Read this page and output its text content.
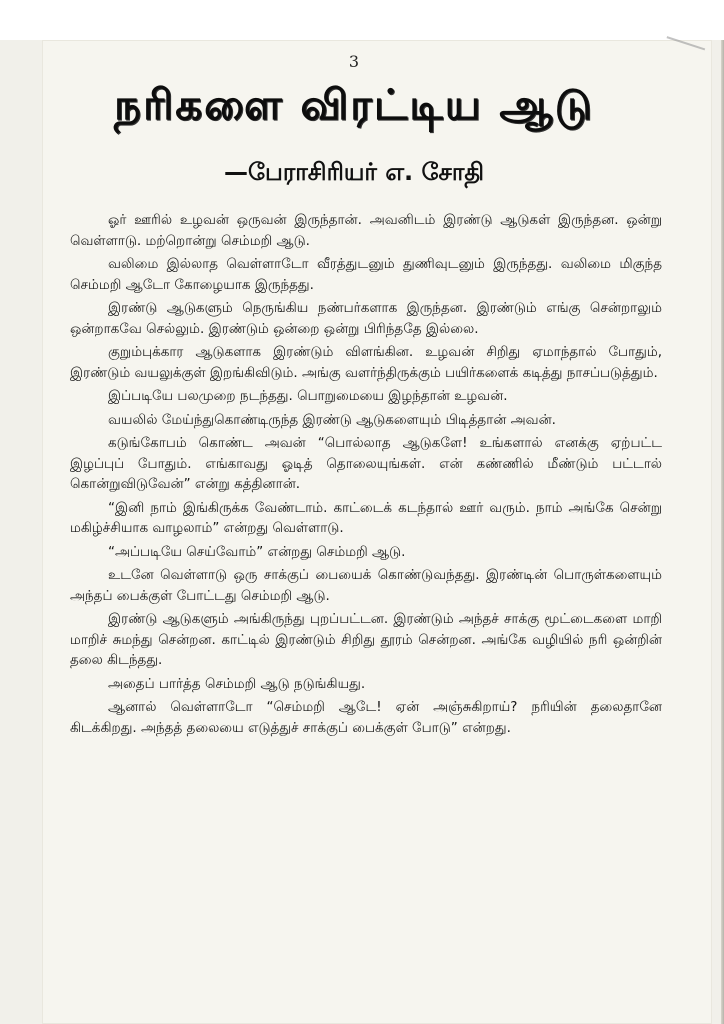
3
நரிகளை விரட்டிய ஆடு
—பேராசிரியர் எ. சோதி

ஓர் ஊரில் உழவன் ஒருவன் இருந்தான். அவனிடம் இரண்டு ஆடுகள் இருந்தன. ஒன்று வெள்ளாடு. மற்றொன்று செம்மறி ஆடு.

வலிமை இல்லாத வெள்ளாடோ வீரத்துடனும் துணிவுடனும் இருந்தது. வலிமை மிகுந்த செம்மறி ஆடோ கோழையாக இருந்தது.

இரண்டு ஆடுகளும் நெருங்கிய நண்பர்களாக இருந்தன. இரண்டும் எங்கு சென்றாலும் ஒன்றாகவே செல்லும். இரண்டும் ஒன்றை ஒன்று பிரிந்ததே இல்லை.

குறும்புக்கார ஆடுகளாக இரண்டும் விளங்கின. உழவன் சிறிது ஏமாந்தால் போதும், இரண்டும் வயலுக்குள் இறங்கிவிடும். அங்கு வளர்ந்திருக்கும் பயிர்களைக் கடித்து நாசப்படுத்தும்.

இப்படியே பலமுறை நடந்தது. பொறுமையை இழந்தான் உழவன்.

வயலில் மேய்ந்துகொண்டிருந்த இரண்டு ஆடுகளையும் பிடித்தான் அவன்.

கடுங்கோபம் கொண்ட அவன் “பொல்லாத ஆடுகளே! உங்களால் எனக்கு ஏற்பட்ட இழப்புப் போதும். எங்காவது ஓடித் தொலையுங்கள். என் கண்ணில் மீண்டும் பட்டால் கொன்றுவிடுவேன்” என்று கத்தினான்.

“இனி நாம் இங்கிருக்க வேண்டாம். காட்டைக் கடந்தால் ஊர் வரும். நாம் அங்கே சென்று மகிழ்ச்சியாக வாழலாம்” என்றது வெள்ளாடு.

“அப்படியே செய்வோம்” என்றது செம்மறி ஆடு.

உடனே வெள்ளாடு ஒரு சாக்குப் பையைக் கொண்டுவந்தது. இரண்டின் பொருள்களையும் அந்தப் பைக்குள் போட்டது செம்மறி ஆடு.

இரண்டு ஆடுகளும் அங்கிருந்து புறப்பட்டன. இரண்டும் அந்தச் சாக்கு மூட்டைகளை மாறி மாறிச் சுமந்து சென்றன. காட்டில் இரண்டும் சிறிது தூரம் சென்றன. அங்கே வழியில் நரி ஒன்றின் தலை கிடந்தது.

அதைப் பார்த்த செம்மறி ஆடு நடுங்கியது.

ஆனால் வெள்ளாடோ “செம்மறி ஆடே! ஏன் அஞ்சுகிறாய்? நரியின் தலைதானே கிடக்கிறது. அந்தத் தலையை எடுத்துச் சாக்குப் பைக்குள் போடு” என்றது.
